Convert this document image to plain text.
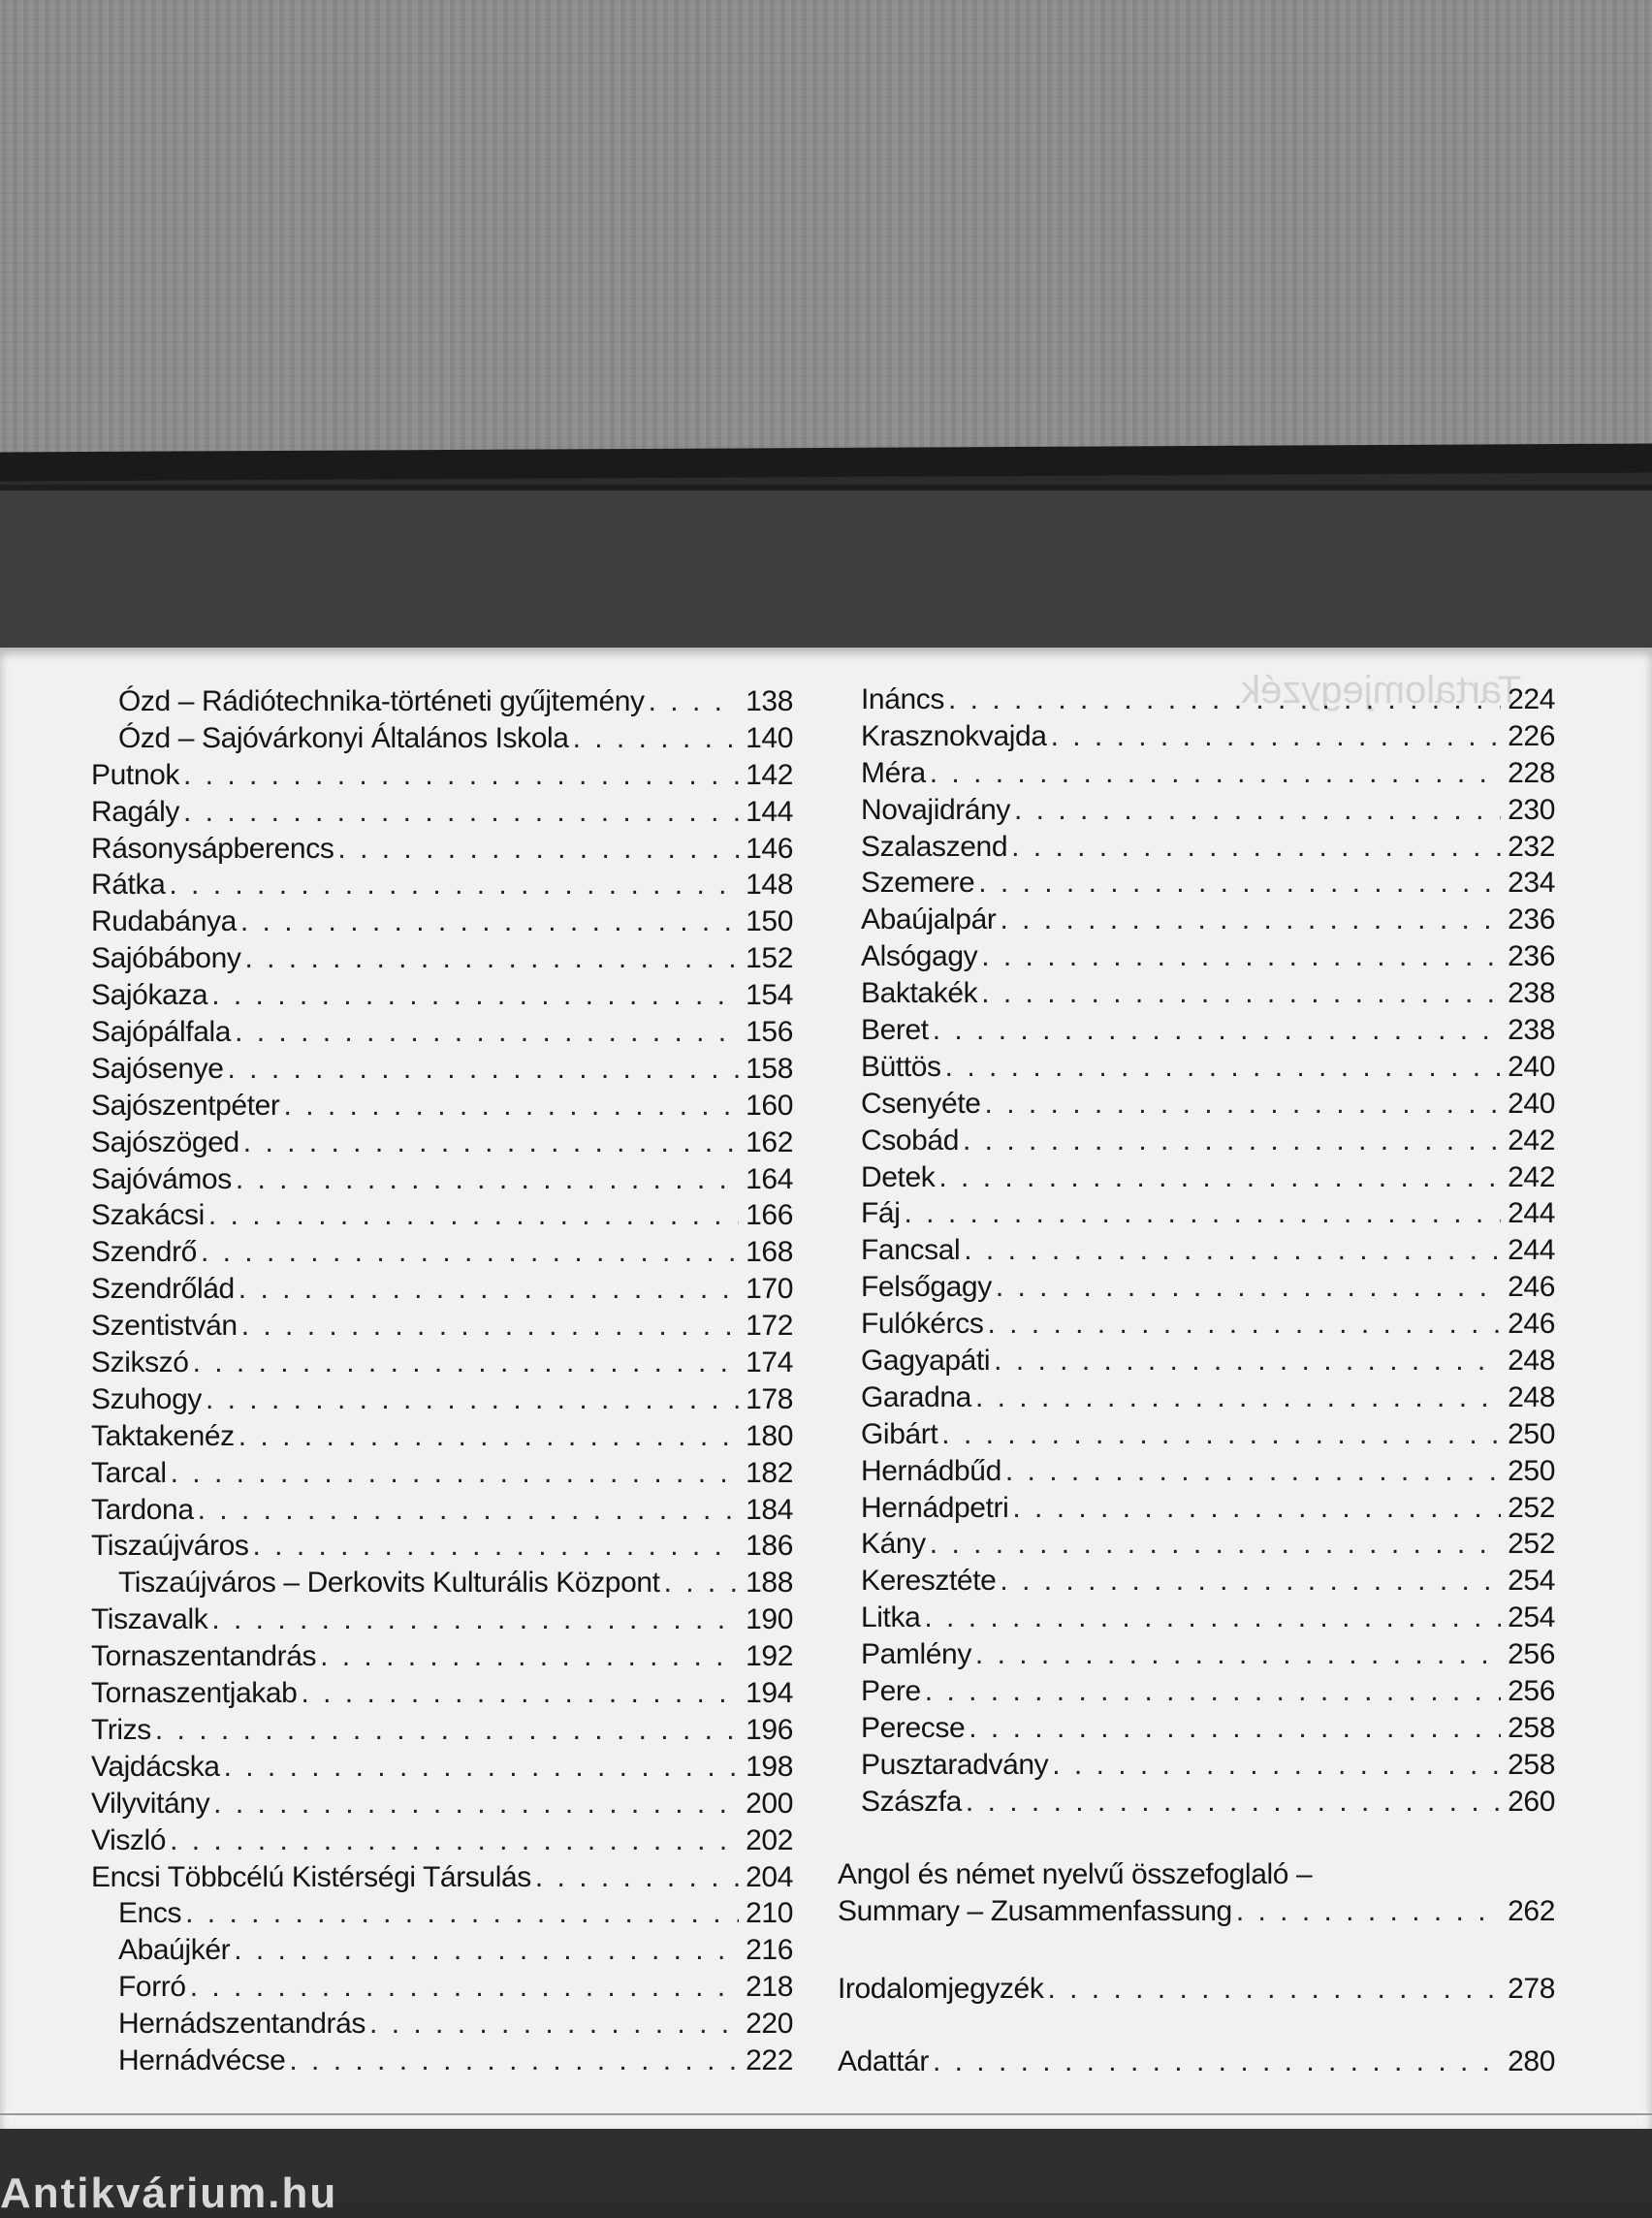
Tartalomjegyzék
Ózd – Rádiótechnika-történeti gyűjtemény . . .	138
Ózd – Sajóvárkonyi Általános Iskola . . .	140
Putnok . . .	142
Ragály . . .	144
Rásonysápberencs . . .	146
Rátka . . .	148
Rudabánya . . .	150
Sajóbábony . . .	152
Sajókaza . . .	154
Sajópálfala . . .	156
Sajósenye . . .	158
Sajószentpéter . . .	160
Sajószöged . . .	162
Sajóvámos . . .	164
Szakácsi . . .	166
Szendrő . . .	168
Szendrőlád . . .	170
Szentistván . . .	172
Szikszó . . .	174
Szuhogy . . .	178
Taktakenéz . . .	180
Tarcal . . .	182
Tardona . . .	184
Tiszaújváros . . .	186
Tiszaújváros – Derkovits Kulturális Központ . . .	188
Tiszavalk . . .	190
Tornaszentandrás . . .	192
Tornaszentjakab . . .	194
Trizs . . .	196
Vajdácska . . .	198
Vilyvitány . . .	200
Viszló . . .	202
Encsi Többcélú Kistérségi Társulás . . .	204
Encs . . .	210
Abaújkér . . .	216
Forró . . .	218
Hernádszentandrás . . .	220
Hernádvécse . . .	222
Ináncs . . .	224
Krasznokvajda . . .	226
Méra . . .	228
Novajidrány . . .	230
Szalaszend . . .	232
Szemere . . .	234
Abaújalpár . . .	236
Alsógagy . . .	236
Baktakék . . .	238
Beret . . .	238
Büttös . . .	240
Csenyéte . . .	240
Csobád . . .	242
Detek . . .	242
Fáj . . .	244
Fancsal . . .	244
Felsőgagy . . .	246
Fulókércs . . .	246
Gagyapáti . . .	248
Garadna . . .	248
Gibárt . . .	250
Hernádbűd . . .	250
Hernádpetri . . .	252
Kány . . .	252
Keresztéte . . .	254
Litka . . .	254
Pamlény . . .	256
Pere . . .	256
Perecse . . .	258
Pusztaradvány . . .	258
Szászfa . . .	260
Angol és német nyelvű összefoglaló –
Summary – Zusammenfassung . . .	262
Irodalomjegyzék . . .	278
Adattár . . .	280
Antikvárium.hu
